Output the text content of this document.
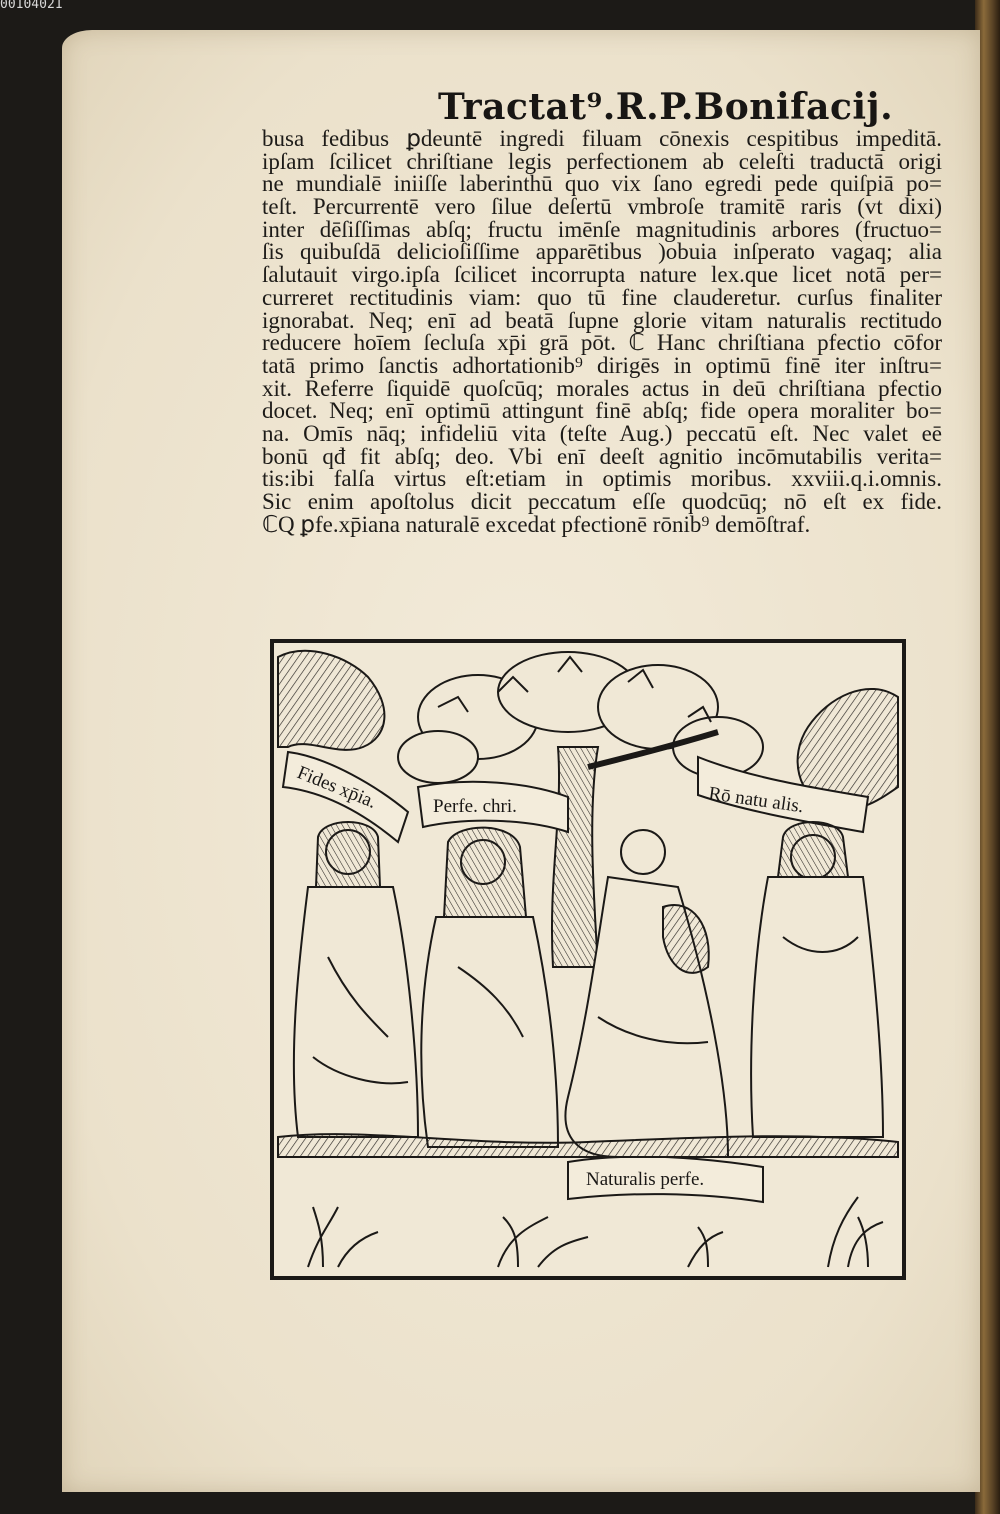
00104021
Tractat⁹.R.P.Bonifacij.
busa fedibus ꝑdeuntē ingredi filuam cōnexis cespitibus impeditā.
ipſam ſcilicet chriſtiane legis perfectionem ab celeſti traductā origi
ne mundialē iniiſſe laberinthū quo vix ſano egredi pede quiſpiā po=
teſt. Percurrentē vero ſilue deſertū vmbroſe tramitē raris (vt dixi)
inter dēſiſſimas abſq; fructu imēnſe magnitudinis arbores (fructuo=
ſis quibuſdā delicioſiſſime apparētibus )obuia inſperato vagaq; alia
ſalutauit virgo.ipſa ſcilicet incorrupta nature lex.que licet notā per=
curreret rectitudinis viam: quo tū fine clauderetur. curſus finaliter
ignorabat. Neq; enī ad beatā ſupne glorie vitam naturalis rectitudo
reducere hoīem ſecluſa xp̄i grā pōt. ℂ Hanc chriſtiana pfectio cōfor
tatā primo ſanctis adhortationib⁹ dirigēs in optimū finē iter inſtru=
xit. Referre ſiquidē quoſcūq; morales actus in deū chriſtiana pfectio
docet. Neq; enī optimū attingunt finē abſq; fide opera moraliter bo=
na. Omīs nāq; infideliū vita (teſte Aug.) peccatū eſt. Nec valet eē
bonū qđ fit abſq; deo. Vbi enī deeſt agnitio incōmutabilis verita=
tis:ibi falſa virtus eſt:etiam in optimis moribus. xxviii.q.i.omnis.
Sic enim apoſtolus dicit peccatum eſſe quodcūq; nō eſt ex fide.
ℂQ ꝑfe.xp̄iana naturalē excedat pfectionē rōnib⁹ demōſtraf.
Fides xp̄ia.	Perfe. chri.	Rō natu alis.
Naturalis perfe.
